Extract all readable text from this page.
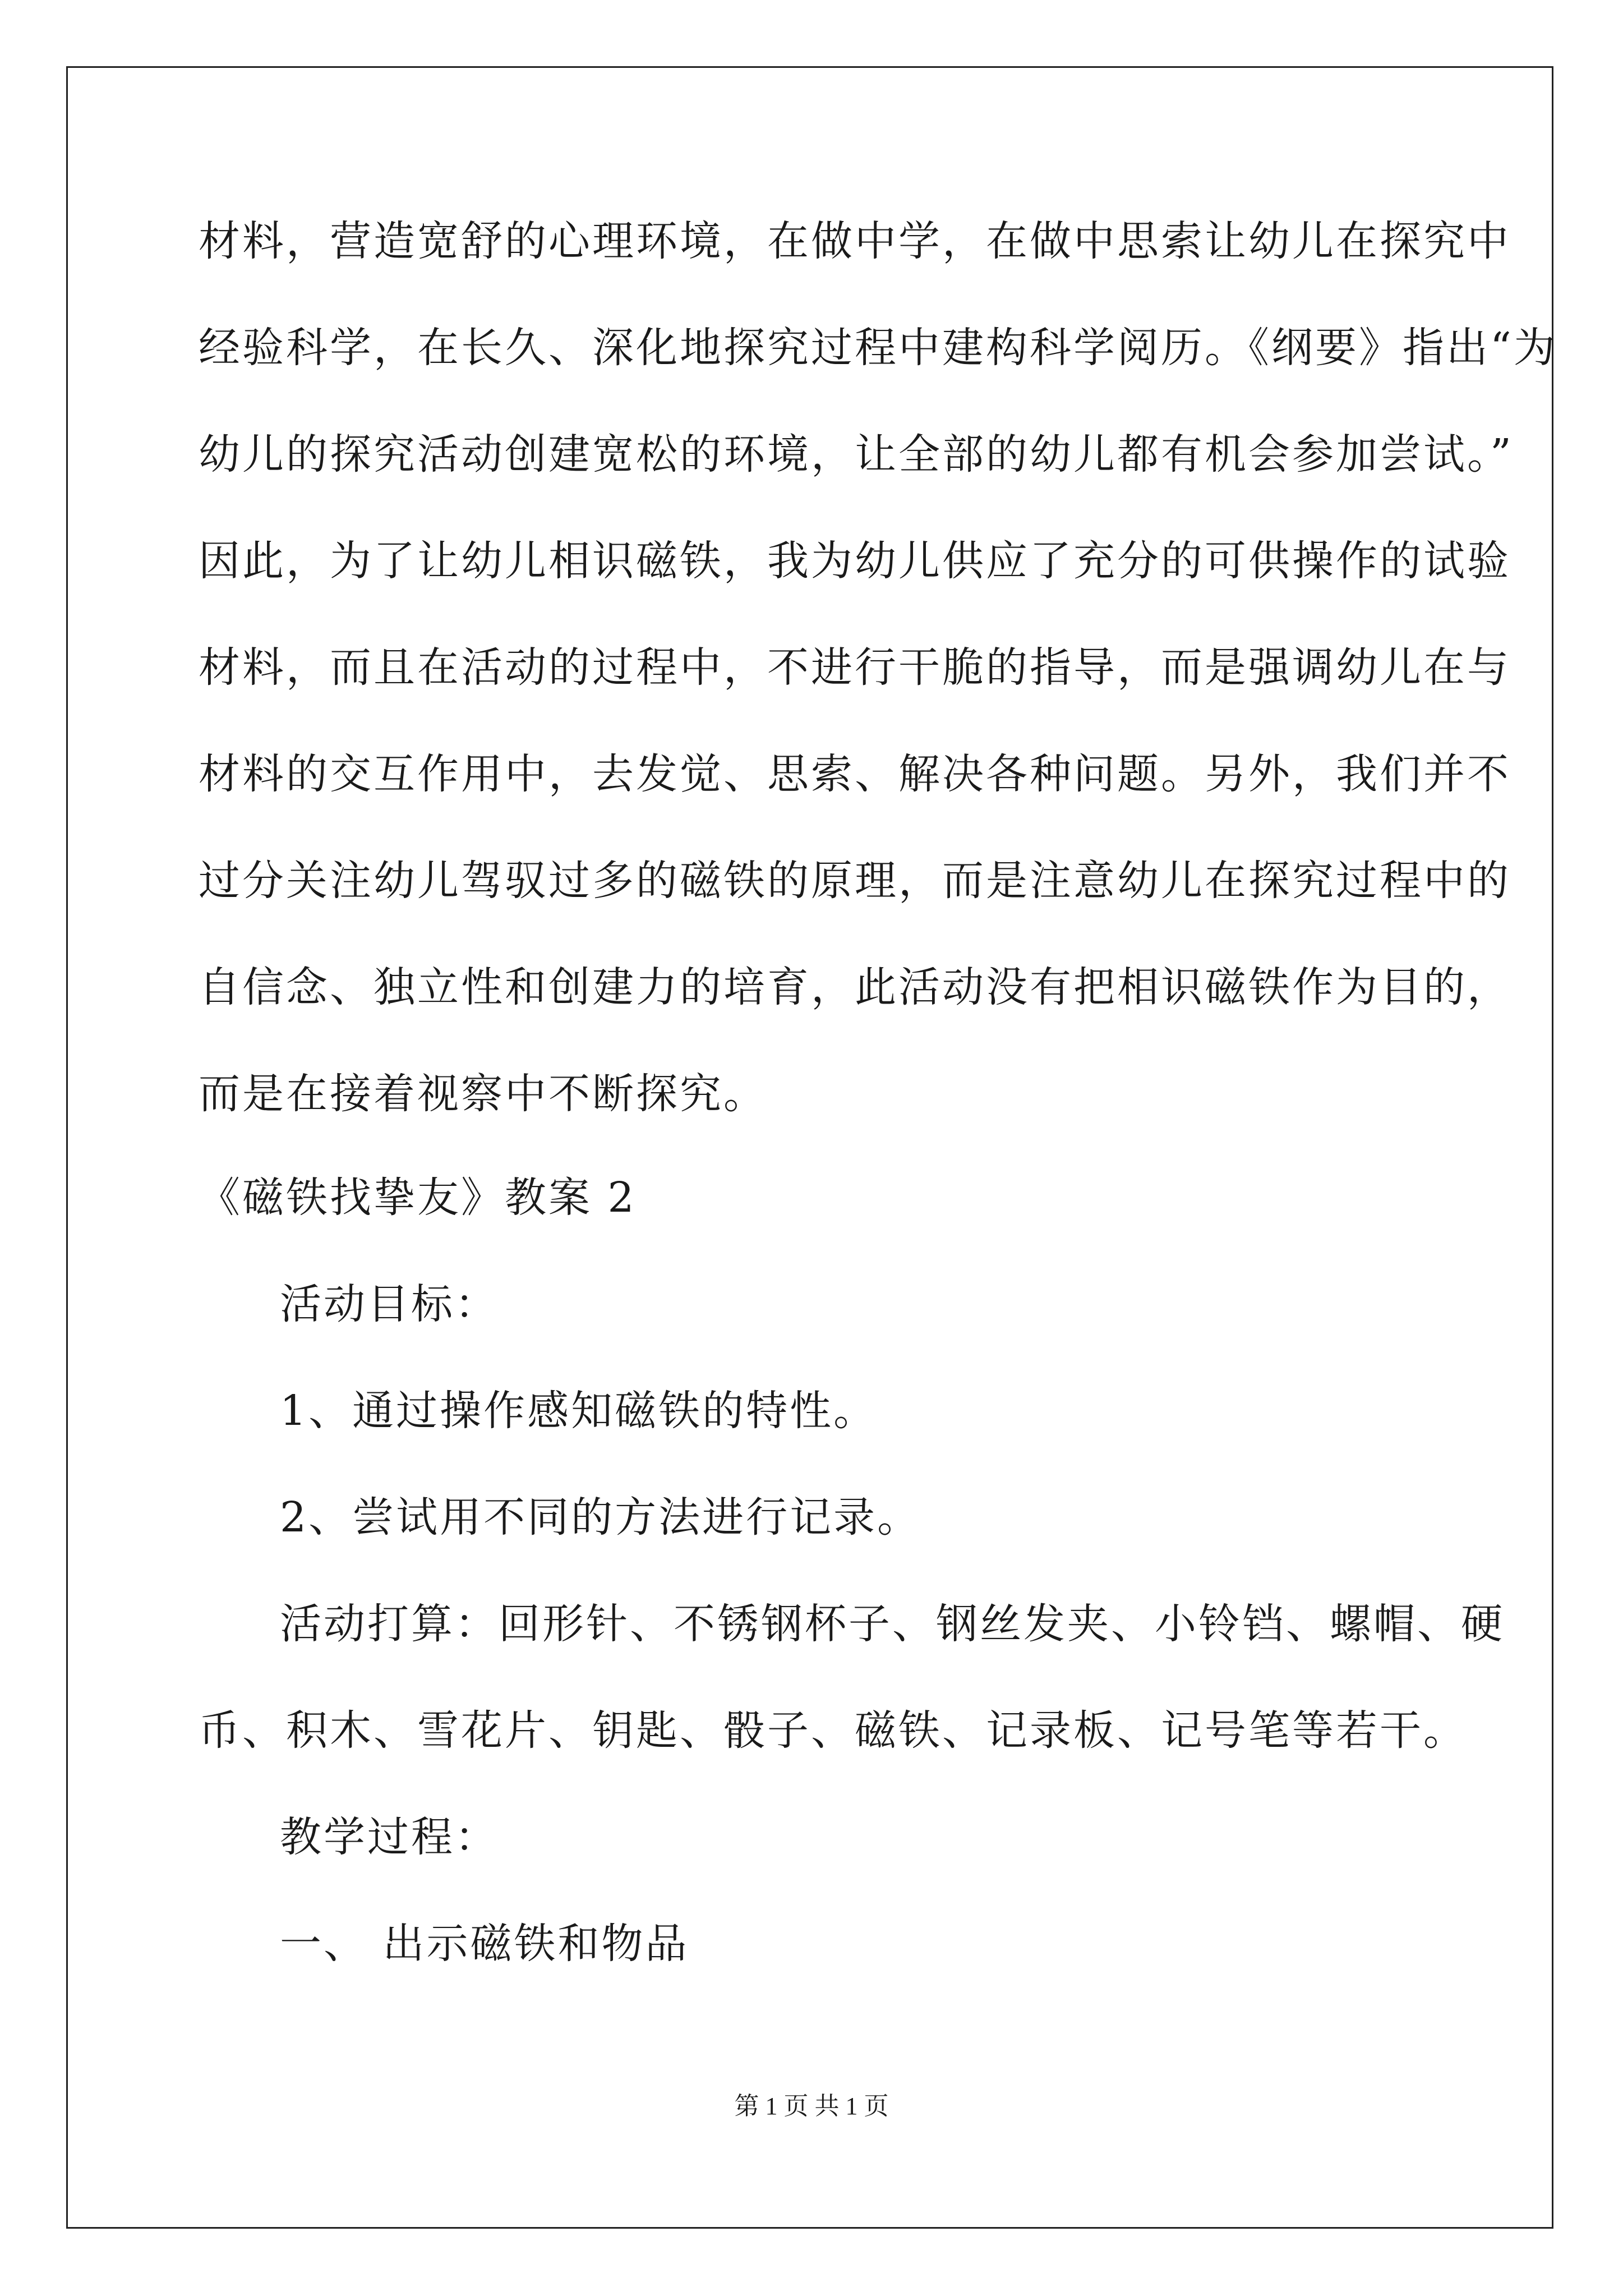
材料，营造宽舒的心理环境，在做中学，在做中思索让幼儿在探究中
经验科学，在长久、深化地探究过程中建构科学阅历。《纲要》指出“为
幼儿的探究活动创建宽松的环境，让全部的幼儿都有机会参加尝试。”
因此，为了让幼儿相识磁铁，我为幼儿供应了充分的可供操作的试验
材料，而且在活动的过程中，不进行干脆的指导，而是强调幼儿在与
材料的交互作用中，去发觉、思索、解决各种问题。另外，我们并不
过分关注幼儿驾驭过多的磁铁的原理，而是注意幼儿在探究过程中的
自信念、独立性和创建力的培育，此活动没有把相识磁铁作为目的，
而是在接着视察中不断探究。
《磁铁找挚友》教案 2
活动目标：
1、通过操作感知磁铁的特性。
2、尝试用不同的方法进行记录。
活动打算：回形针、不锈钢杯子、钢丝发夹、小铃铛、螺帽、硬
币、积木、雪花片、钥匙、骰子、磁铁、记录板、记号笔等若干。
教学过程：
一、 出示磁铁和物品
第 1 页 共 1 页
